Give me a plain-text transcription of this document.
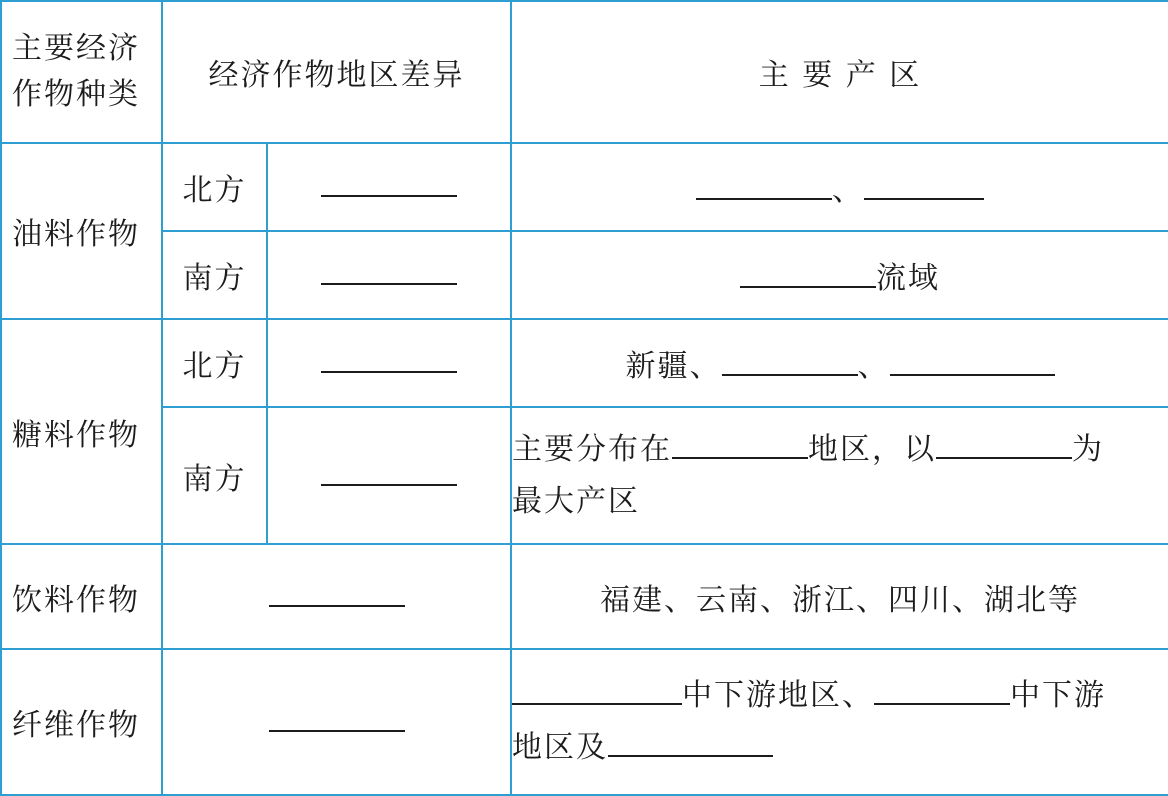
主要经济
作物种类	经济作物地区差异		主 要 产 区
油料作物	北方		、
	南方		流域
糖料作物	北方		新疆、 、
	南方		主要分布在 地区，以 为
最大产区
饮料作物			福建、云南、浙江、四川、湖北等
纤维作物			中下游地区、 中下游
地区及
